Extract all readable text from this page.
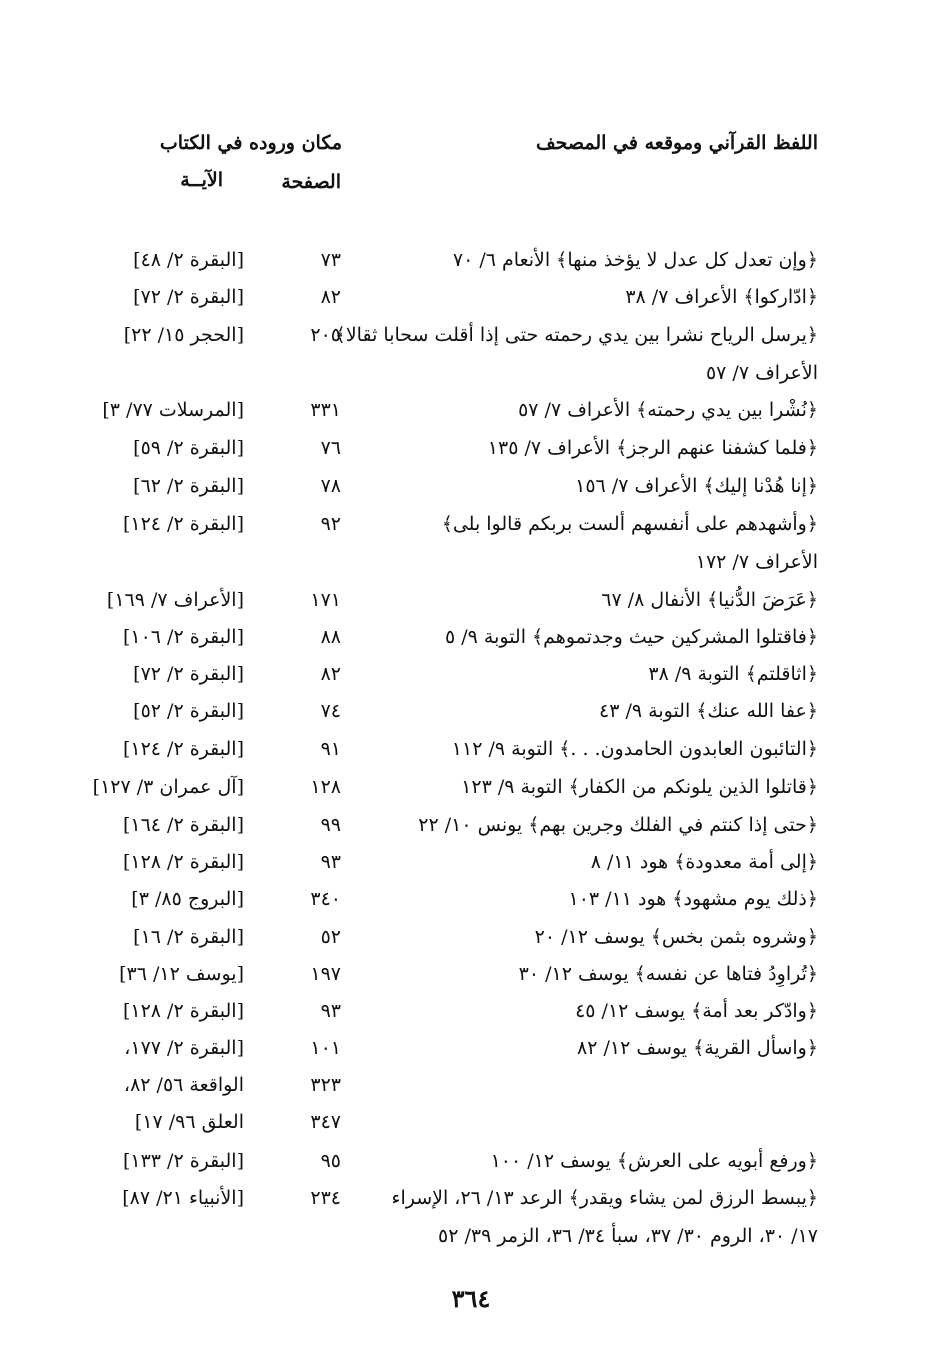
اللفظ القرآني وموقعه في المصحف
مكان وروده في الكتاب
الصفحة
الآيــة
﴿وإن تعدل كل عدل لا يؤخذ منها﴾ الأنعام ٦/ ٧٠
٧٣
[البقرة ٢/ ٤٨]
﴿ادّاركوا﴾ الأعراف ٧/ ٣٨
٨٢
[البقرة ٢/ ٧٢]
﴿يرسل الرياح نشرا بين يدي رحمته حتى إذا أقلت سحابا ثقالا﴾
٢٠٥
[الحجر ١٥/ ٢٢]
الأعراف ٧/ ٥٧
﴿نُشْرا بين يدي رحمته﴾ الأعراف ٧/ ٥٧
٣٣١
[المرسلات ٧٧/ ٣]
﴿فلما كشفنا عنهم الرجز﴾ الأعراف ٧/ ١٣٥
٧٦
[البقرة ٢/ ٥٩]
﴿إنا هُدْنا إليك﴾ الأعراف ٧/ ١٥٦
٧٨
[البقرة ٢/ ٦٢]
﴿وأشهدهم على أنفسهم ألست بربكم قالوا بلى﴾
٩٢
[البقرة ٢/ ١٢٤]
الأعراف ٧/ ١٧٢
﴿عَرَضَ الدُّنيا﴾ الأنفال ٨/ ٦٧
١٧١
[الأعراف ٧/ ١٦٩]
﴿فاقتلوا المشركين حيث وجدتموهم﴾ التوبة ٩/ ٥
٨٨
[البقرة ٢/ ١٠٦]
﴿اثاقلتم﴾ التوبة ٩/ ٣٨
٨٢
[البقرة ٢/ ٧٢]
﴿عفا الله عنك﴾ التوبة ٩/ ٤٣
٧٤
[البقرة ٢/ ٥٢]
﴿التائبون العابدون الحامدون. . .﴾ التوبة ٩/ ١١٢
٩١
[البقرة ٢/ ١٢٤]
﴿قاتلوا الذين يلونكم من الكفار﴾ التوبة ٩/ ١٢٣
١٢٨
[آل عمران ٣/ ١٢٧]
﴿حتى إذا كنتم في الفلك وجرين بهم﴾ يونس ١٠/ ٢٢
٩٩
[البقرة ٢/ ١٦٤]
﴿إلى أمة معدودة﴾ هود ١١/ ٨
٩٣
[البقرة ٢/ ١٢٨]
﴿ذلك يوم مشهود﴾ هود ١١/ ١٠٣
٣٤٠
[البروج ٨٥/ ٣]
﴿وشروه بثمن بخس﴾ يوسف ١٢/ ٢٠
٥٢
[البقرة ٢/ ١٦]
﴿تُراوِدُ فتاها عن نفسه﴾ يوسف ١٢/ ٣٠
١٩٧
[يوسف ١٢/ ٣٦]
﴿وادّكر بعد أمة﴾ يوسف ١٢/ ٤٥
٩٣
[البقرة ٢/ ١٢٨]
﴿واسأل القرية﴾ يوسف ١٢/ ٨٢
١٠١
[البقرة ٢/ ١٧٧،
٣٢٣
الواقعة ٥٦/ ٨٢،
٣٤٧
العلق ٩٦/ ١٧]
﴿ورفع أبويه على العرش﴾ يوسف ١٢/ ١٠٠
٩٥
[البقرة ٢/ ١٣٣]
﴿يبسط الرزق لمن يشاء ويقدر﴾ الرعد ١٣/ ٢٦، الإسراء
٢٣٤
[الأنبياء ٢١/ ٨٧]
١٧/ ٣٠، الروم ٣٠/ ٣٧، سبأ ٣٤/ ٣٦، الزمر ٣٩/ ٥٢
٣٦٤
